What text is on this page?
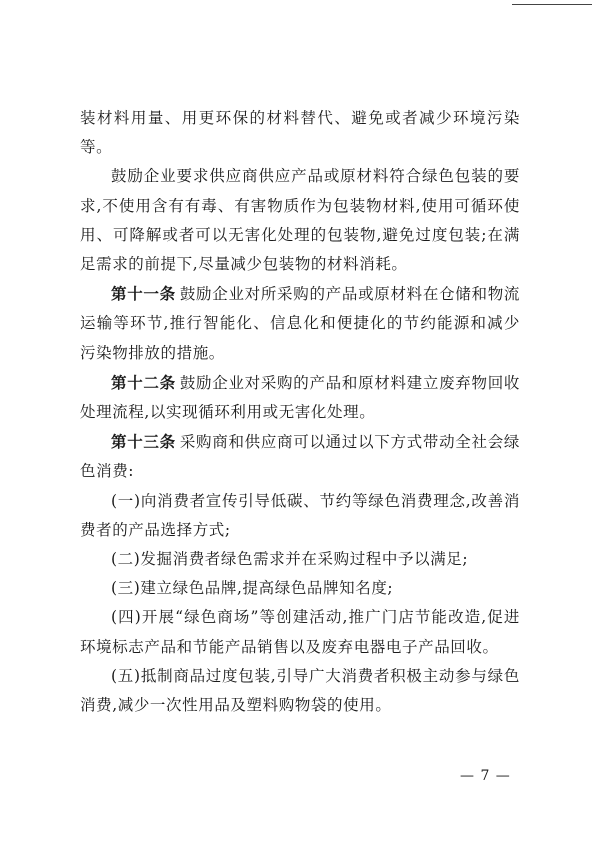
装材料用量、用更环保的材料替代、避免或者减少环境污染等。

鼓励企业要求供应商供应产品或原材料符合绿色包装的要求,不使用含有有毒、有害物质作为包装物材料,使用可循环使用、可降解或者可以无害化处理的包装物,避免过度包装;在满足需求的前提下,尽量减少包装物的材料消耗。

第十一条 鼓励企业对所采购的产品或原材料在仓储和物流运输等环节,推行智能化、信息化和便捷化的节约能源和减少污染物排放的措施。

第十二条 鼓励企业对采购的产品和原材料建立废弃物回收处理流程,以实现循环利用或无害化处理。

第十三条 采购商和供应商可以通过以下方式带动全社会绿色消费:

(一)向消费者宣传引导低碳、节约等绿色消费理念,改善消费者的产品选择方式;

(二)发掘消费者绿色需求并在采购过程中予以满足;

(三)建立绿色品牌,提高绿色品牌知名度;

(四)开展“绿色商场”等创建活动,推广门店节能改造,促进环境标志产品和节能产品销售以及废弃电器电子产品回收。

(五)抵制商品过度包装,引导广大消费者积极主动参与绿色消费,减少一次性用品及塑料购物袋的使用。

— 7 —
